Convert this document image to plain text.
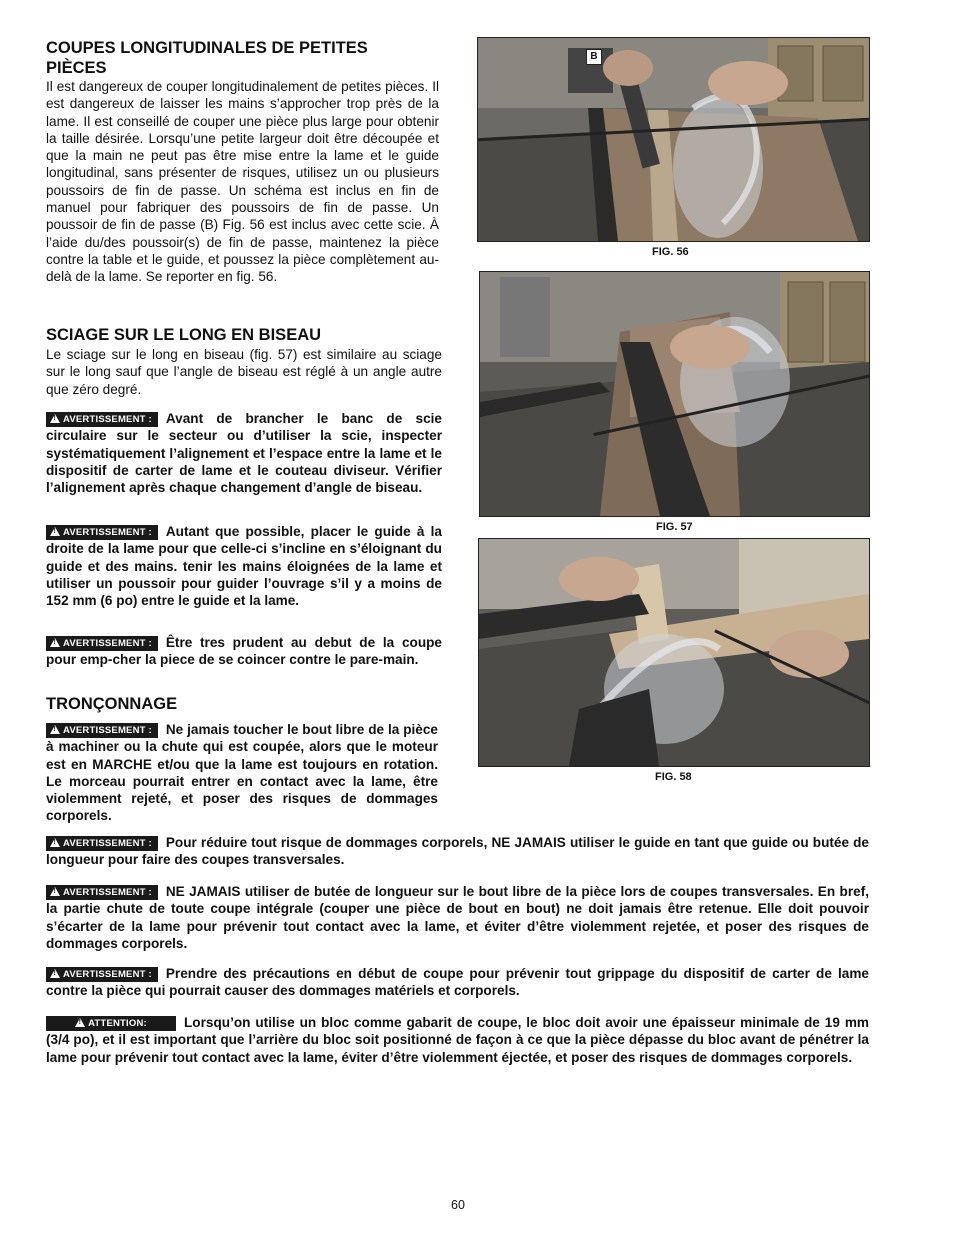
COUPES LONGITUDINALES DE PETITES
PIÈCES
Il est dangereux de couper longitudinalement de petites pièces. Il est dangereux de laisser les mains s’approcher trop près de la lame. Il est conseillé de couper une pièce plus large pour obtenir la taille désirée. Lorsqu’une petite largeur doit être découpée et que la main ne peut pas être mise entre la lame et le guide longitudinal, sans présenter de risques, utilisez un ou plusieurs poussoirs de fin de passe. Un schéma est inclus en fin de manuel pour fabriquer des poussoirs de fin de passe. Un poussoir de fin de passe (B) Fig. 56 est inclus avec cette scie. À l’aide du/des poussoir(s) de fin de passe, maintenez la pièce contre la table et le guide, et poussez la pièce complètement au-delà de la lame. Se reporter en fig. 56.
SCIAGE SUR LE LONG EN BISEAU
Le sciage sur le long en biseau (fig. 57) est similaire au sciage sur le long sauf que l’angle de biseau est réglé à un angle autre que zéro degré.
!AVERTISSEMENT : Avant de brancher le banc de scie circulaire sur le secteur ou d’utiliser la scie, inspecter systématiquement l’alignement et l’espace entre la lame et le dispositif de carter de lame et le couteau diviseur. Vérifier l’alignement après chaque changement d’angle de biseau.
!AVERTISSEMENT : Autant que possible, placer le guide à la droite de la lame pour que celle-ci s’incline en s’éloignant du guide et des mains. tenir les mains éloignées de la lame et utiliser un poussoir pour guider l’ouvrage s’il y a moins de 152 mm (6 po) entre le guide et la lame.
!AVERTISSEMENT : Être tres prudent au debut de la coupe pour emp-cher la piece de se coincer contre le pare-main.
TRONÇONNAGE
!AVERTISSEMENT : Ne jamais toucher le bout libre de la pièce à machiner ou la chute qui est coupée, alors que le moteur est en MARCHE et/ou que la lame est toujours en rotation. Le morceau pourrait entrer en contact avec la lame, être violemment rejeté, et poser des risques de dommages corporels.
!AVERTISSEMENT : Pour réduire tout risque de dommages corporels, NE JAMAIS utiliser le guide en tant que guide ou butée de longueur pour faire des coupes transversales.
!AVERTISSEMENT : NE JAMAIS utiliser de butée de longueur sur le bout libre de la pièce lors de coupes transversales. En bref, la partie chute de toute coupe intégrale (couper une pièce de bout en bout) ne doit jamais être retenue. Elle doit pouvoir s’écarter de la lame pour prévenir tout contact avec la lame, et éviter d’être violemment rejetée, et poser des risques de dommages corporels.
!AVERTISSEMENT : Prendre des précautions en début de coupe pour prévenir tout grippage du dispositif de carter de lame contre la pièce qui pourrait causer des dommages matériels et corporels.
!ATTENTION:	Lorsqu’on utilise un bloc comme gabarit de coupe, le bloc doit avoir une épaisseur minimale de 19 mm (3/4 po), et il est important que l’arrière du bloc soit positionné de façon à ce que la pièce dépasse du bloc avant de pénétrer la lame pour prévenir tout contact avec la lame, éviter d’être violemment éjectée, et poser des risques de dommages corporels.
B
FIG. 56
FIG. 57
FIG. 58
60
